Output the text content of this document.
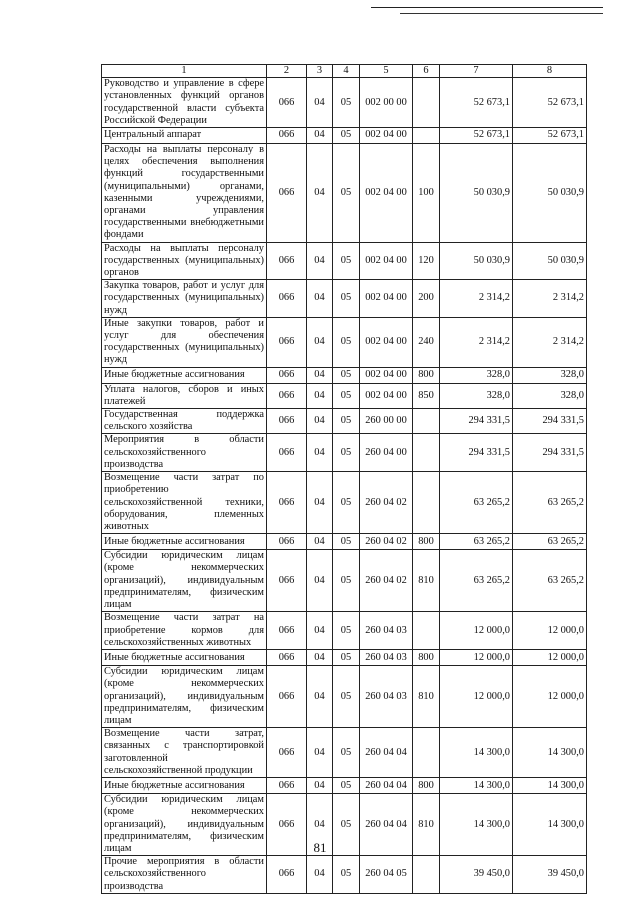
1	2	3	4	5	6	7	8
Руководство и управление в сфере установленных функций органов государственной власти субъекта Российской Федерации	066	04	05	002 00 00		52 673,1	52 673,1
Центральный аппарат	066	04	05	002 04 00		52 673,1	52 673,1
Расходы на выплаты персоналу в целях обеспечения выполнения функций государственными (муниципальными) органами, казенными учреждениями, органами управления государственными внебюджетными фондами	066	04	05	002 04 00	100	50 030,9	50 030,9
Расходы на выплаты персоналу государственных (муниципальных) органов	066	04	05	002 04 00	120	50 030,9	50 030,9
Закупка товаров, работ и услуг для государственных (муниципальных) нужд	066	04	05	002 04 00	200	2 314,2	2 314,2
Иные закупки товаров, работ и услуг для обеспечения государственных (муниципальных) нужд	066	04	05	002 04 00	240	2 314,2	2 314,2
Иные бюджетные ассигнования	066	04	05	002 04 00	800	328,0	328,0
Уплата налогов, сборов и иных платежей	066	04	05	002 04 00	850	328,0	328,0
Государственная поддержка сельского хозяйства	066	04	05	260 00 00		294 331,5	294 331,5
Мероприятия в области сельскохозяйственного производства	066	04	05	260 04 00		294 331,5	294 331,5
Возмещение части затрат по приобретению сельскохозяйственной техники, оборудования, племенных животных	066	04	05	260 04 02		63 265,2	63 265,2
Иные бюджетные ассигнования	066	04	05	260 04 02	800	63 265,2	63 265,2
Субсидии юридическим лицам (кроме некоммерческих организаций), индивидуальным предпринимателям, физическим лицам	066	04	05	260 04 02	810	63 265,2	63 265,2
Возмещение части затрат на приобретение кормов для сельскохозяйственных животных	066	04	05	260 04 03		12 000,0	12 000,0
Иные бюджетные ассигнования	066	04	05	260 04 03	800	12 000,0	12 000,0
Субсидии юридическим лицам (кроме некоммерческих организаций), индивидуальным предпринимателям, физическим лицам	066	04	05	260 04 03	810	12 000,0	12 000,0
Возмещение части затрат, связанных с транспортировкой заготовленной сельскохозяйственной продукции	066	04	05	260 04 04		14 300,0	14 300,0
Иные бюджетные ассигнования	066	04	05	260 04 04	800	14 300,0	14 300,0
Субсидии юридическим лицам (кроме некоммерческих организаций), индивидуальным предпринимателям, физическим лицам	066	04	05	260 04 04	810	14 300,0	14 300,0
Прочие мероприятия в области сельскохозяйственного производства	066	04	05	260 04 05		39 450,0	39 450,0
81
